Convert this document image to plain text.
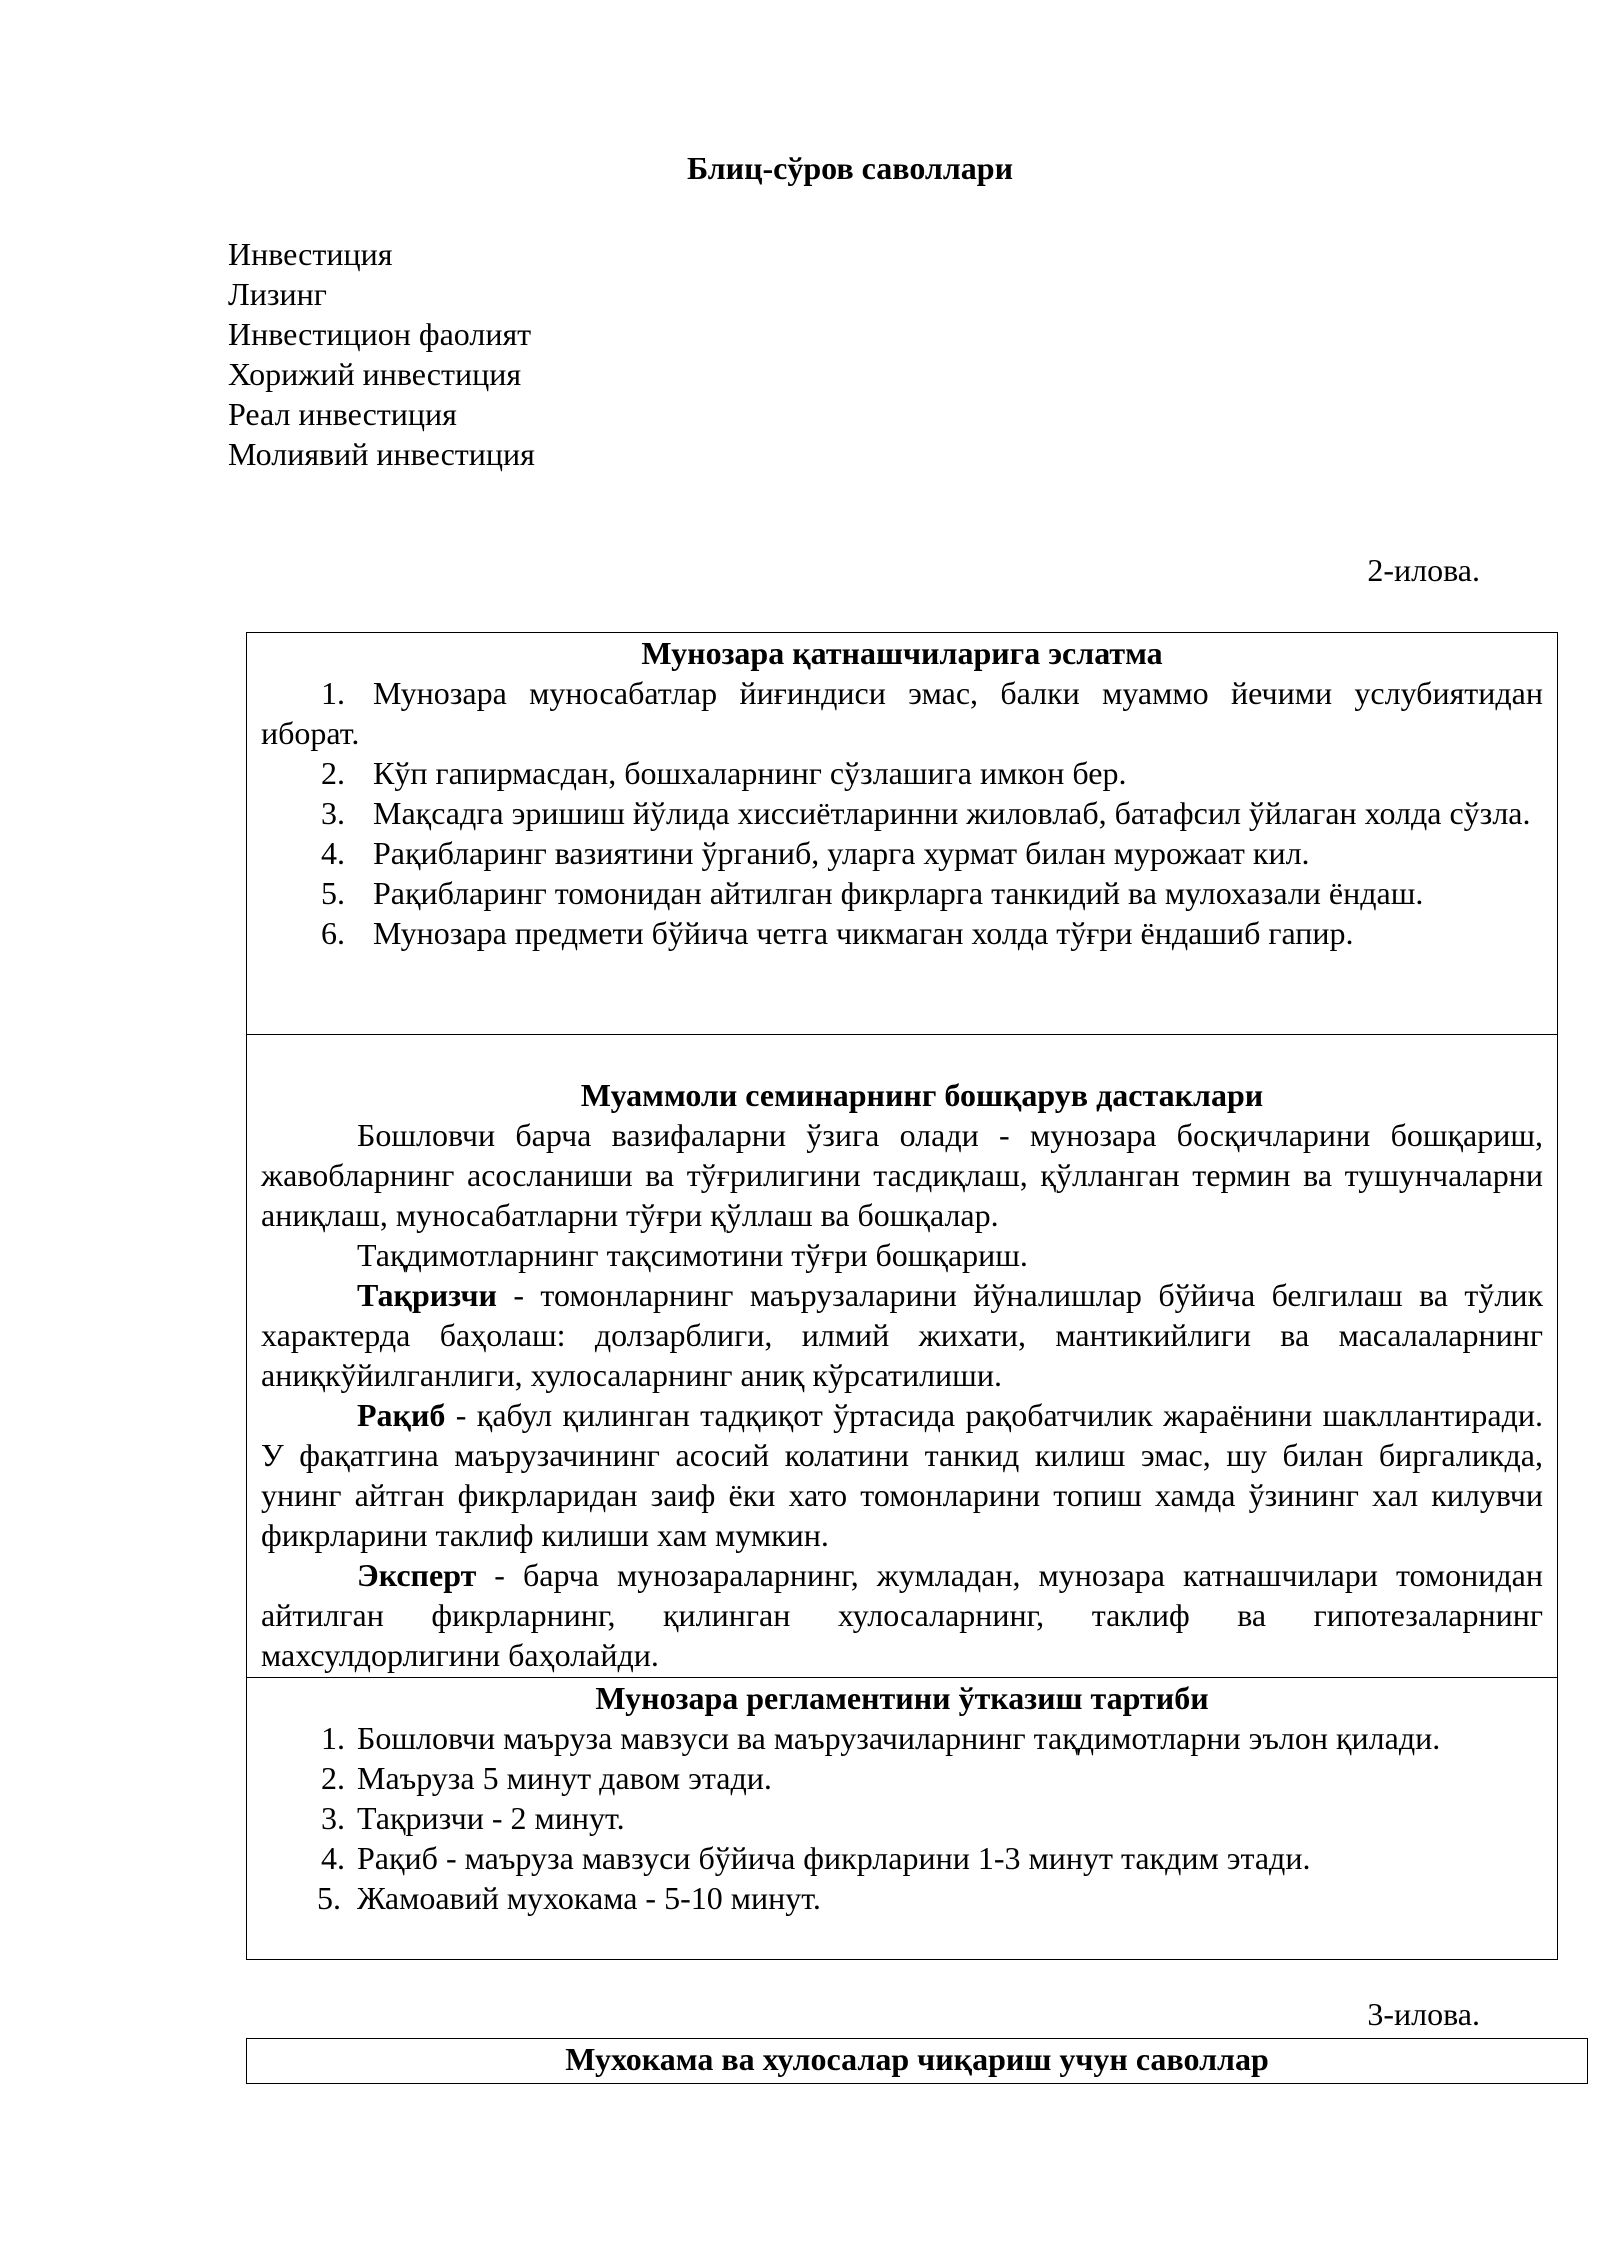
Блиц-сўров саволлари
Инвестиция
Лизинг
Инвестицион фаолият
Хорижий инвестиция
Реал инвестиция
Молиявий инвестиция
2-илова.
Мунозара қатнашчиларига эслатма
1. Мунозара муносабатлар йиғиндиси эмас, балки муаммо йечими услубиятидан иборат.
2. Кўп гапирмасдан, бошхаларнинг сўзлашига имкон бер.
3. Мақсадга эришиш йўлида хиссиётларинни жиловлаб, батафсил ўйлаган холда сўзла.
4. Рақибларинг вазиятини ўрганиб, уларга хурмат билан мурожаат кил.
5. Рақибларинг томонидан айтилган фикрларга танкидий ва мулохазали ёндаш.
6. Мунозара предмети бўйича четга чикмаган холда тўғри ёндашиб гапир.
Муаммоли семинарнинг бошқарув дастаклари
Бошловчи барча вазифаларни ўзига олади - мунозара босқичларини бошқариш, жавобларнинг асосланиши ва тўғрилигини тасдиқлаш, қўлланган термин ва тушунчаларни аниқлаш, муносабатларни тўғри қўллаш ва бошқалар.
Тақдимотларнинг тақсимотини тўғри бошқариш.
Тақризчи - томонларнинг маърузаларини йўналишлар бўйича белгилаш ва тўлик характерда баҳолаш: долзарблиги, илмий жихати, мантикийлиги ва масалаларнинг аниқкўйилганлиги, хулосаларнинг аниқ кўрсатилиши.
Рақиб - қабул қилинган тадқиқот ўртасида рақобатчилик жараёнини шакллантиради. У фақатгина маърузачининг асосий колатини танкид килиш эмас, шу билан биргаликда, унинг айтган фикрларидан заиф ёки хато томонларини топиш хамда ўзининг хал килувчи фикрларини таклиф килиши хам мумкин.
Эксперт - барча мунозараларнинг, жумладан, мунозара катнашчилари томонидан айтилган фикрларнинг, қилинган хулосаларнинг, таклиф ва гипотезаларнинг махсулдорлигини баҳолайди.
Мунозара регламентини ўтказиш тартиби
1. Бошловчи маъруза мавзуси ва маърузачиларнинг тақдимотларни эълон қилади.
2. Маъруза 5 минут давом этади.
3. Тақризчи - 2 минут.
4. Рақиб - маъруза мавзуси бўйича фикрларини 1-3 минут такдим этади.
5. Жамоавий мухокама - 5-10 минут.
3-илова.
Мухокама ва хулосалар чиқариш учун саволлар
